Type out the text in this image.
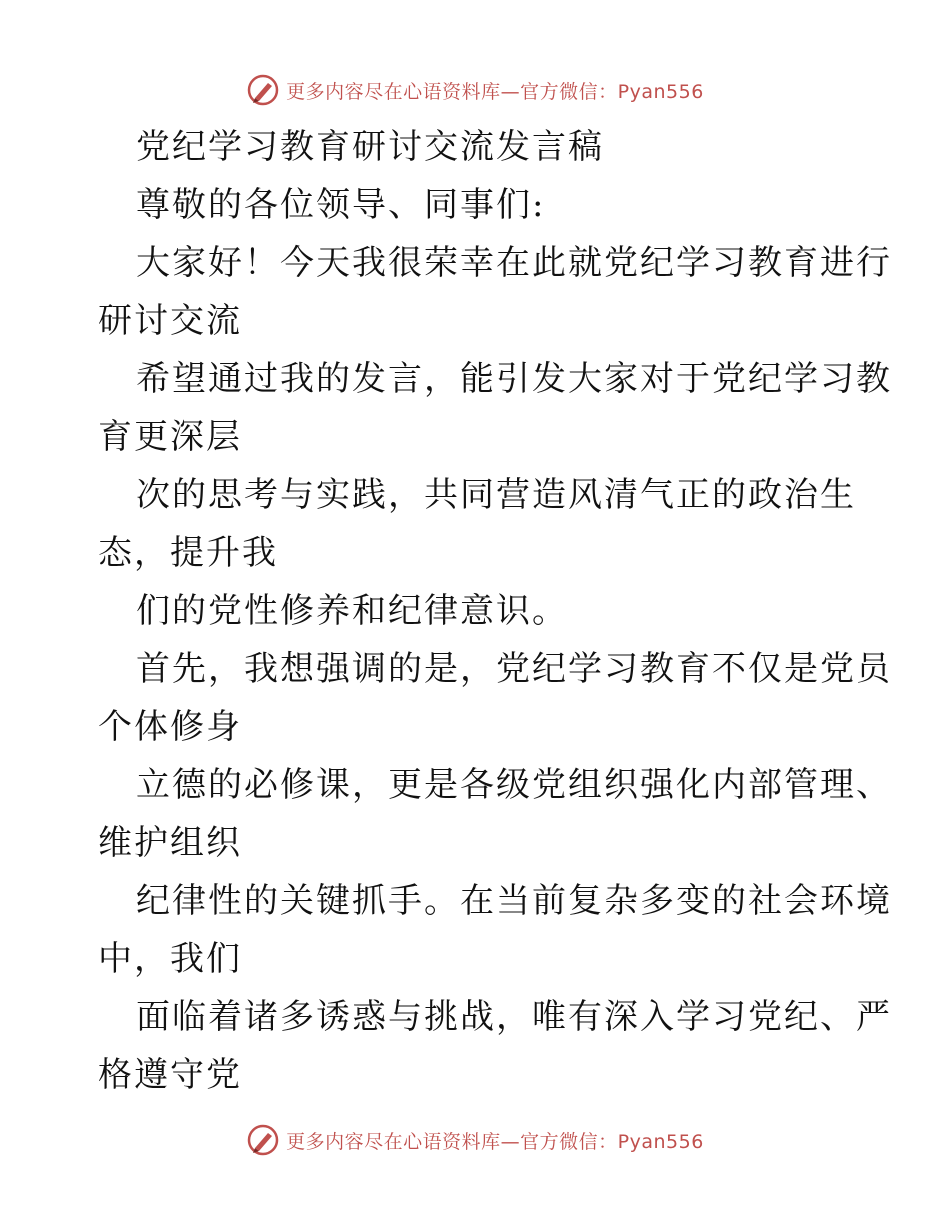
更多内容尽在心语资料库—官方微信：Pyan556
党纪学习教育研讨交流发言稿
尊敬的各位领导、同事们:
大家好！今天我很荣幸在此就党纪学习教育进行
研讨交流
希望通过我的发言，能引发大家对于党纪学习教
育更深层
次的思考与实践，共同营造风清气正的政治生
态，提升我
们的党性修养和纪律意识。
首先，我想强调的是，党纪学习教育不仅是党员
个体修身
立德的必修课，更是各级党组织强化内部管理、
维护组织
纪律性的关键抓手。在当前复杂多变的社会环境
中，我们
面临着诸多诱惑与挑战，唯有深入学习党纪、严
格遵守党
更多内容尽在心语资料库—官方微信：Pyan556
